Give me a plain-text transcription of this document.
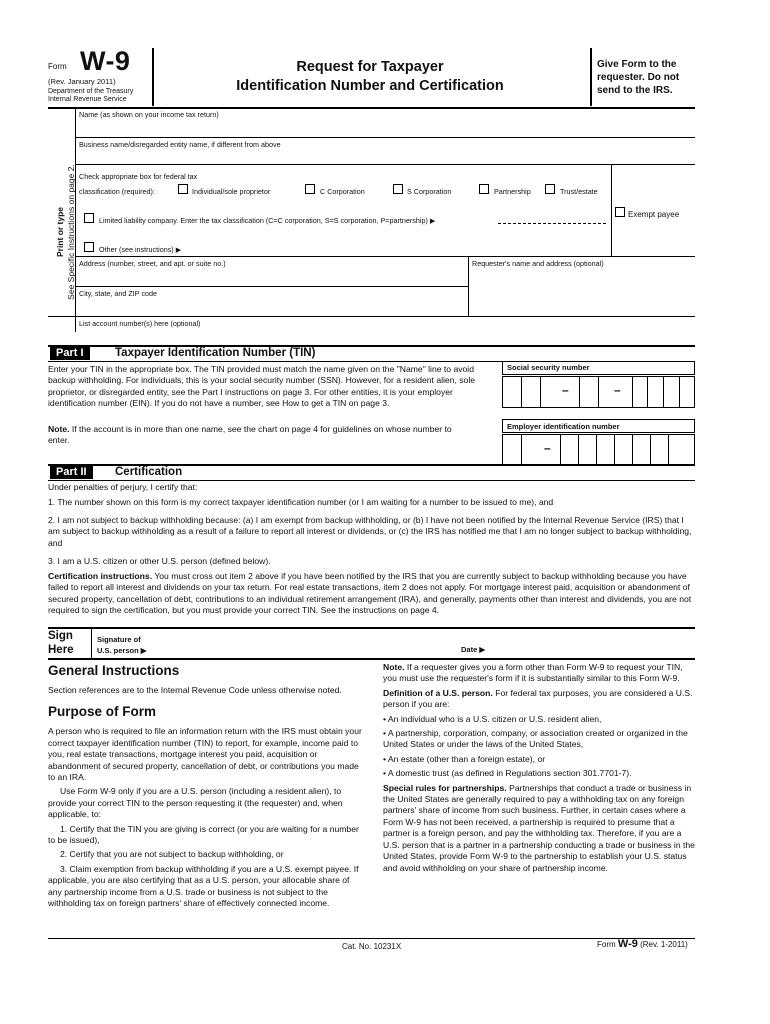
Form W-9
(Rev. January 2011)
Department of the Treasury
Internal Revenue Service
Request for Taxpayer
Identification Number and Certification
Give Form to the requester. Do not send to the IRS.
Print or type See Specific Instructions on page 2.
Name (as shown on your income tax return)
Business name/disregarded entity name, if different from above
Check appropriate box for federal tax
classification (required):	Individual/sole proprietor	C Corporation	S Corporation	Partnership	Trust/estate
Limited liability company. Enter the tax classification (C=C corporation, S=S corporation, P=partnership) ▶
Exempt payee
Other (see instructions) ▶
Address (number, street, and apt. or suite no.)	Requester's name and address (optional)
City, state, and ZIP code
List account number(s) here (optional)
Part I	Taxpayer Identification Number (TIN)
Enter your TIN in the appropriate box. The TIN provided must match the name given on the "Name" line to avoid backup withholding. For individuals, this is your social security number (SSN). However, for a resident alien, sole proprietor, or disregarded entity, see the Part I instructions on page 3. For other entities, it is your employer identification number (EIN). If you do not have a number, see How to get a TIN on page 3.
Note. If the account is in more than one name, see the chart on page 4 for guidelines on whose number to enter.
Social security number
–	–
Employer identification number
–
Part II	Certification
Under penalties of perjury, I certify that:
1. The number shown on this form is my correct taxpayer identification number (or I am waiting for a number to be issued to me), and
2. I am not subject to backup withholding because: (a) I am exempt from backup withholding, or (b) I have not been notified by the Internal Revenue Service (IRS) that I am subject to backup withholding as a result of a failure to report all interest or dividends, or (c) the IRS has notified me that I am no longer subject to backup withholding, and
3. I am a U.S. citizen or other U.S. person (defined below).
Certification instructions. You must cross out item 2 above if you have been notified by the IRS that you are currently subject to backup withholding because you have failed to report all interest and dividends on your tax return. For real estate transactions, item 2 does not apply. For mortgage interest paid, acquisition or abandonment of secured property, cancellation of debt, contributions to an individual retirement arrangement (IRA), and generally, payments other than interest and dividends, you are not required to sign the certification, but you must provide your correct TIN. See the instructions on page 4.
Sign
Here
Signature of
U.S. person ▶	Date ▶
General Instructions
Section references are to the Internal Revenue Code unless otherwise noted.
Purpose of Form

A person who is required to file an information return with the IRS must obtain your correct taxpayer identification number (TIN) to report, for example, income paid to you, real estate transactions, mortgage interest you paid, acquisition or abandonment of secured property, cancellation of debt, or contributions you made to an IRA.

Use Form W-9 only if you are a U.S. person (including a resident alien), to provide your correct TIN to the person requesting it (the requester) and, when applicable, to:

1. Certify that the TIN you are giving is correct (or you are waiting for a number to be issued),

2. Certify that you are not subject to backup withholding, or

3. Claim exemption from backup withholding if you are a U.S. exempt payee. If applicable, you are also certifying that as a U.S. person, your allocable share of any partnership income from a U.S. trade or business is not subject to the withholding tax on foreign partners' share of effectively connected income.

Note. If a requester gives you a form other than Form W-9 to request your TIN, you must use the requester's form if it is substantially similar to this Form W-9.

Definition of a U.S. person. For federal tax purposes, you are considered a U.S. person if you are:

• An individual who is a U.S. citizen or U.S. resident alien,

• A partnership, corporation, company, or association created or organized in the United States or under the laws of the United States,

• An estate (other than a foreign estate), or

• A domestic trust (as defined in Regulations section 301.7701-7).

Special rules for partnerships. Partnerships that conduct a trade or business in the United States are generally required to pay a withholding tax on any foreign partners' share of income from such business. Further, in certain cases where a Form W-9 has not been received, a partnership is required to presume that a partner is a foreign person, and pay the withholding tax. Therefore, if you are a U.S. person that is a partner in a partnership conducting a trade or business in the United States, provide Form W-9 to the partnership to establish your U.S. status and avoid withholding on your share of partnership income.

Cat. No. 10231X	Form W-9 (Rev. 1-2011)
